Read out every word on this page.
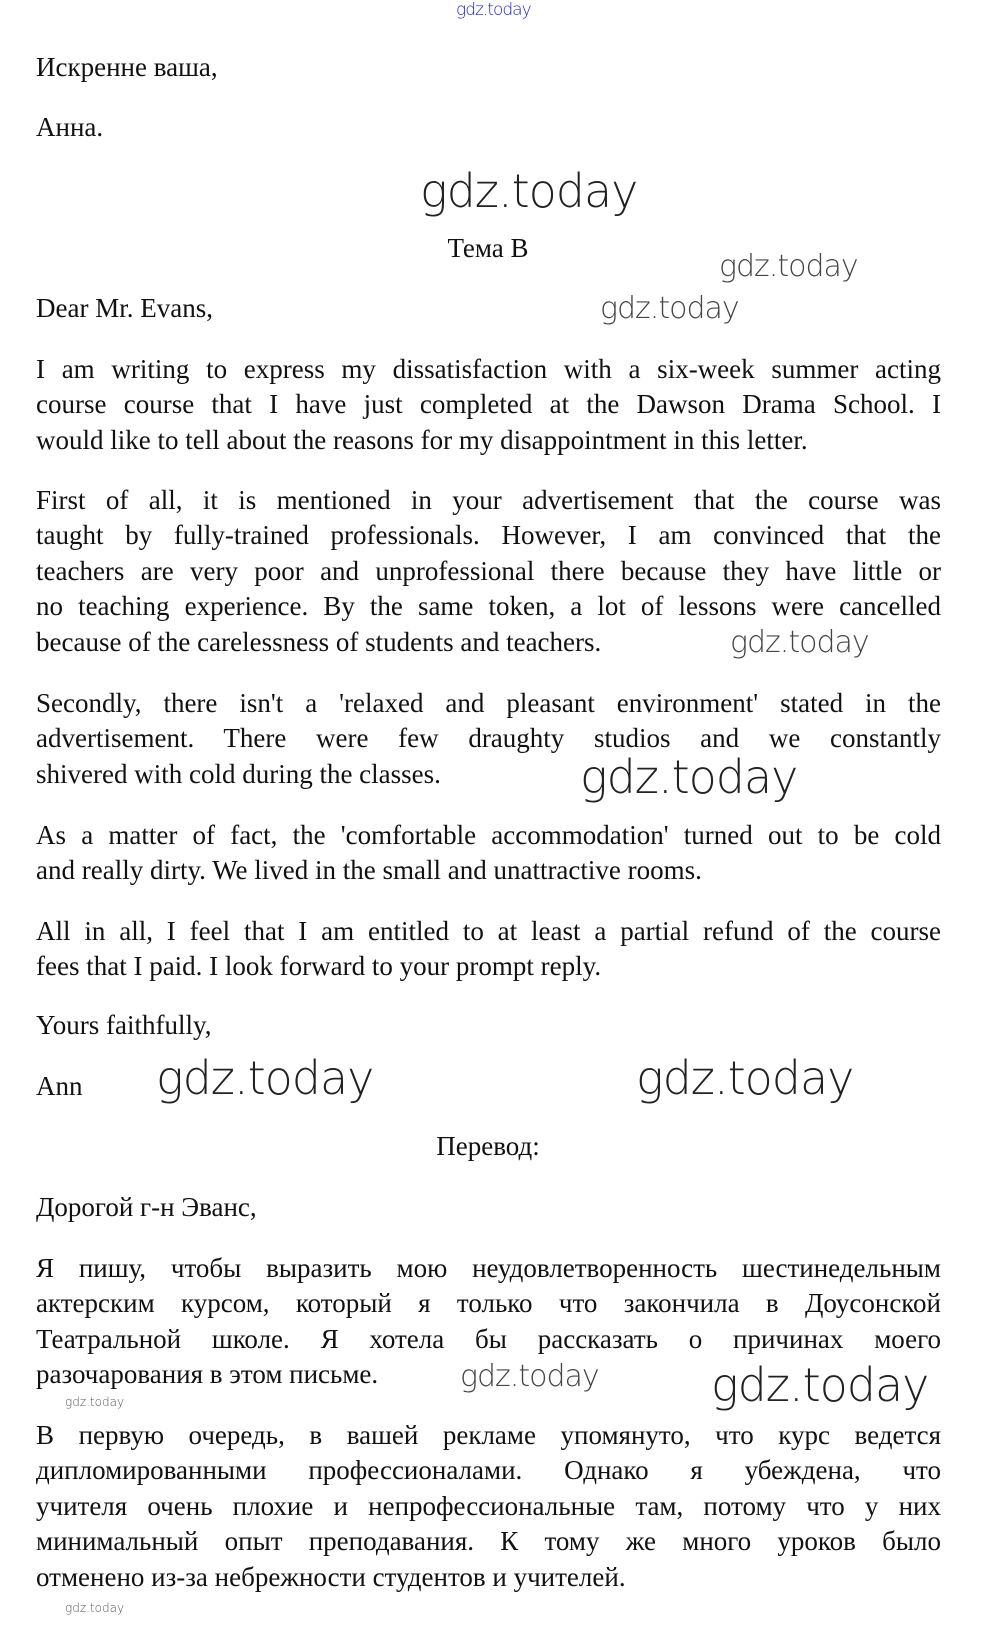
gdz.today
Искренне ваша,
Анна.
Тема В
Dear Mr. Evans,
I am writing to express my dissatisfaction with a six-week summer acting
course course that I have just completed at the Dawson Drama School. I
would like to tell about the reasons for my disappointment in this letter.
First of all, it is mentioned in your advertisement that the course was
taught by fully-trained professionals. However, I am convinced that the
teachers are very poor and unprofessional there because they have little or
no teaching experience. By the same token, a lot of lessons were cancelled
because of the carelessness of students and teachers.
Secondly, there isn't a 'relaxed and pleasant environment' stated in the
advertisement. There were few draughty studios and we constantly
shivered with cold during the classes.
As a matter of fact, the 'comfortable accommodation' turned out to be cold
and really dirty. We lived in the small and unattractive rooms.
All in all, I feel that I am entitled to at least a partial refund of the course
fees that I paid. I look forward to your prompt reply.
Yours faithfully,
Ann
Перевод:
Дорогой г-н Эванс,
Я пишу, чтобы выразить мою неудовлетворенность шестинедельным
актерским курсом, который я только что закончила в Доусонской
Театральной школе. Я хотела бы рассказать о причинах моего
разочарования в этом письме.
В первую очередь, в вашей рекламе упомянуто, что курс ведется
дипломированными профессионалами. Однако я убеждена, что
учителя очень плохие и непрофессиональные там, потому что у них
минимальный опыт преподавания. К тому же много уроков было
отменено из-за небрежности студентов и учителей.
gdz.today
gdz.today
gdz.today
gdz.today
gdz.today
gdz.today	gdz.today
gdz.today
gdz.today
gdz.today
gdz.today
